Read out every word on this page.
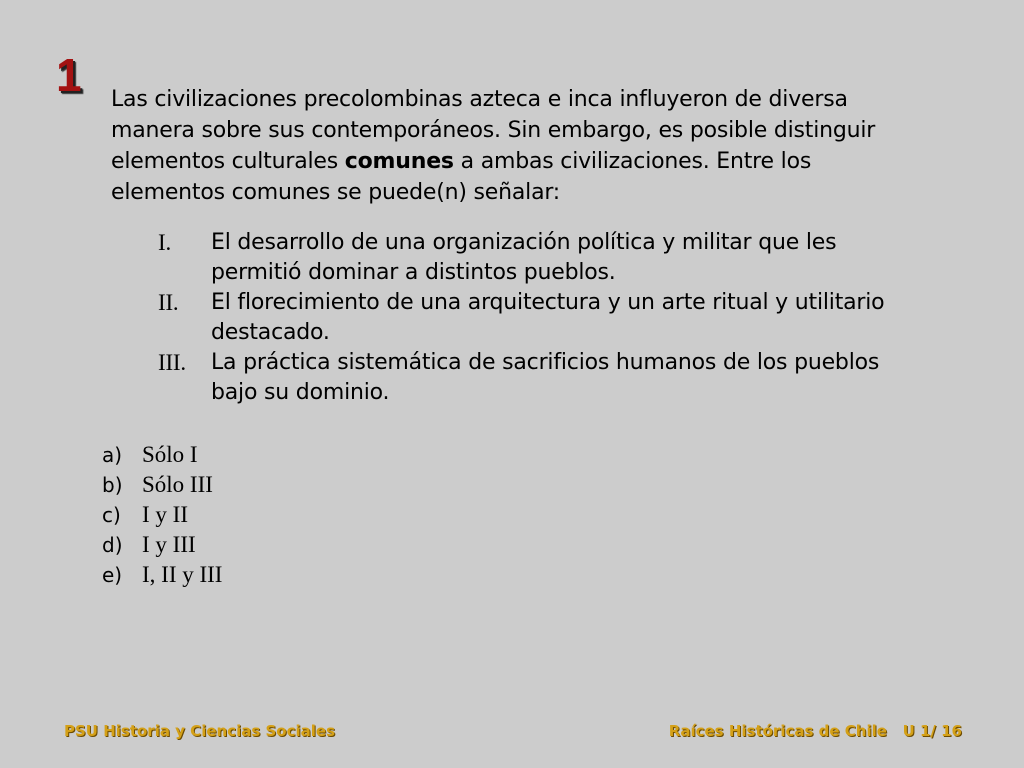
1 Las civilizaciones precolombinas azteca e inca influyeron de diversa manera sobre sus contemporáneos. Sin embargo, es posible distinguir elementos culturales comunes a ambas civilizaciones. Entre los elementos comunes se puede(n) señalar:
I.	El desarrollo de una organización política y militar que les permitió dominar a distintos pueblos.
II.	El florecimiento de una arquitectura y un arte ritual y utilitario destacado.
III.	La práctica sistemática de sacrificios humanos de los pueblos bajo su dominio.
a) Sólo I
b) Sólo III
c) I y II
d) I y III
e) I, II y III
PSU Historia y Ciencias Sociales	Raíces Históricas de Chile   U 1/ 16
